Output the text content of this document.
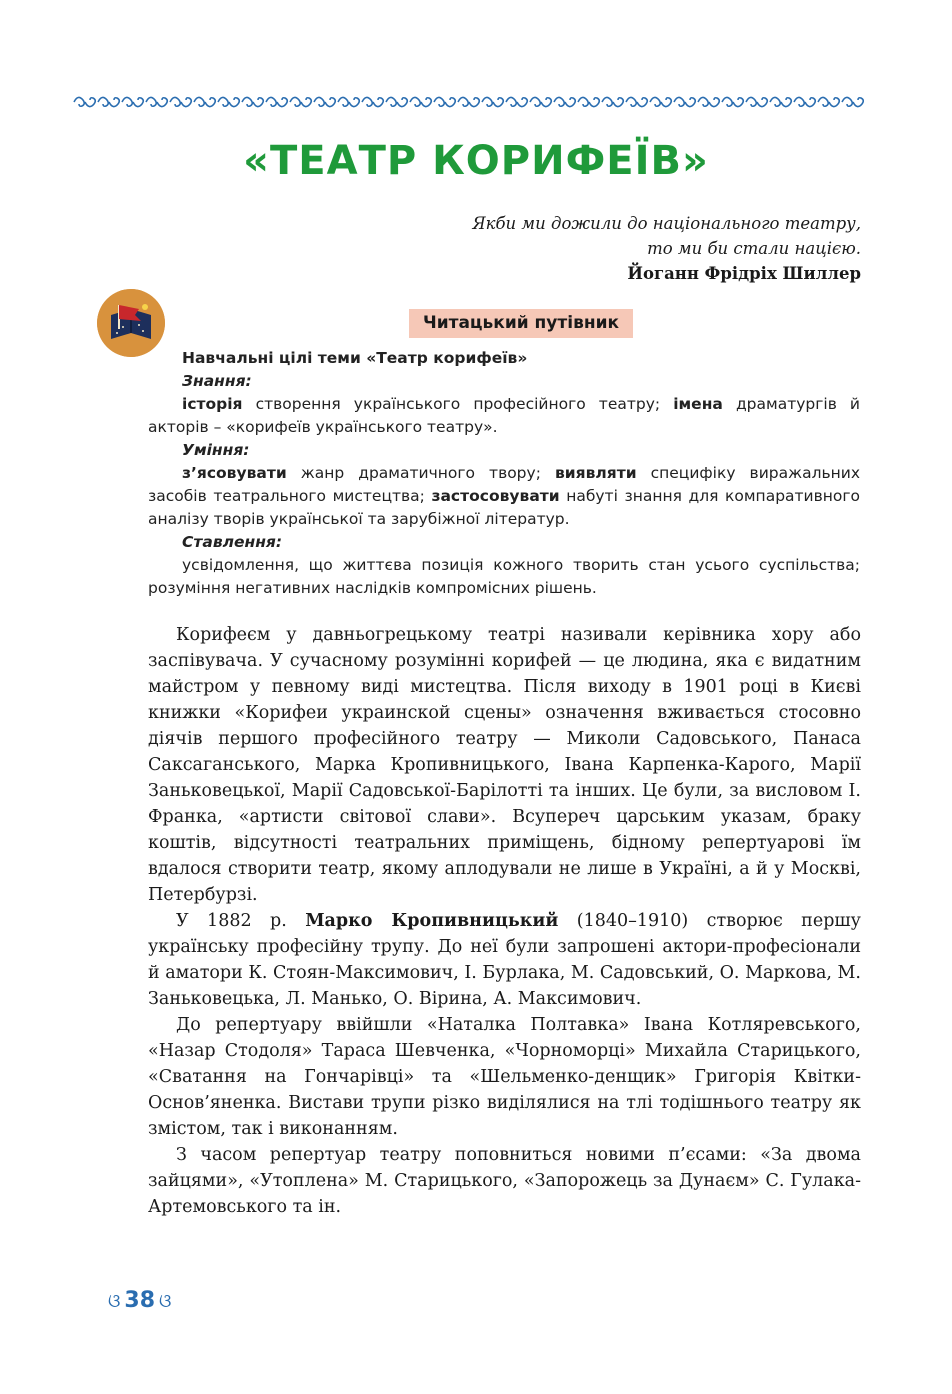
«ТЕАТР КОРИФЕЇВ»
Якби ми дожили до національного театру,
то ми би стали нацією.
Йоганн Фрідріх Шиллер
Читацький путівник

Навчальні цілі теми «Театр корифеїв»

Знання:

історія створення українського професійного театру; імена драматургів й акторів – «корифеїв українського театру».

Уміння:

з’ясовувати жанр драматичного твору; виявляти специфіку виражальних засобів театрального мистецтва; застосовувати набуті знання для компаративного аналізу творів української та зарубіжної літератур.

Ставлення:

усвідомлення, що життєва позиція кожного творить стан усього суспільства; розуміння негативних наслідків компромісних рішень.

Корифеєм у давньогрецькому театрі називали керівника хору або заспівувача. У сучасному розумінні корифей — це людина, яка є видатним майстром у певному виді мистецтва. Після виходу в 1901 році в Києві книжки «Корифеи украинской сцены» означення вживається стосовно діячів першого професійного театру — Миколи Садовського, Панаса Саксаганського, Марка Кропивницького, Івана Карпенка-Карого, Марії Заньковецької, Марії Садовської-Барілотті та інших. Це були, за висловом І. Франка, «артисти світової слави». Всупереч царським указам, браку коштів, відсутності театральних приміщень, бідному репертуарові їм вдалося створити театр, якому аплодували не лише в Україні, а й у Москві, Петербурзі.

У 1882 р. Марко Кропивницький (1840–1910) створює першу українську професійну трупу. До неї були запрошені актори-професіонали й аматори К. Стоян-Максимович, І. Бурлака, М. Садовський, О. Маркова, М. Заньковецька, Л. Манько, О. Вірина, А. Максимович.

До репертуару ввійшли «Наталка Полтавка» Івана Котляревського, «Назар Стодоля» Тараса Шевченка, «Чорноморці» Михайла Старицького, «Сватання на Гончарівці» та «Шельменко-денщик» Григорія Квітки-Основ’яненка. Вистави трупи різко виділялися на тлі тодішнього театру як змістом, так і виконанням.

З часом репертуар театру поповниться новими п’єсами: «За двома зайцями», «Утоплена» М. Старицького, «Запорожець за Дунаєм» С. Гулака-Артемовського та ін.

ଓ 38 ଓ
